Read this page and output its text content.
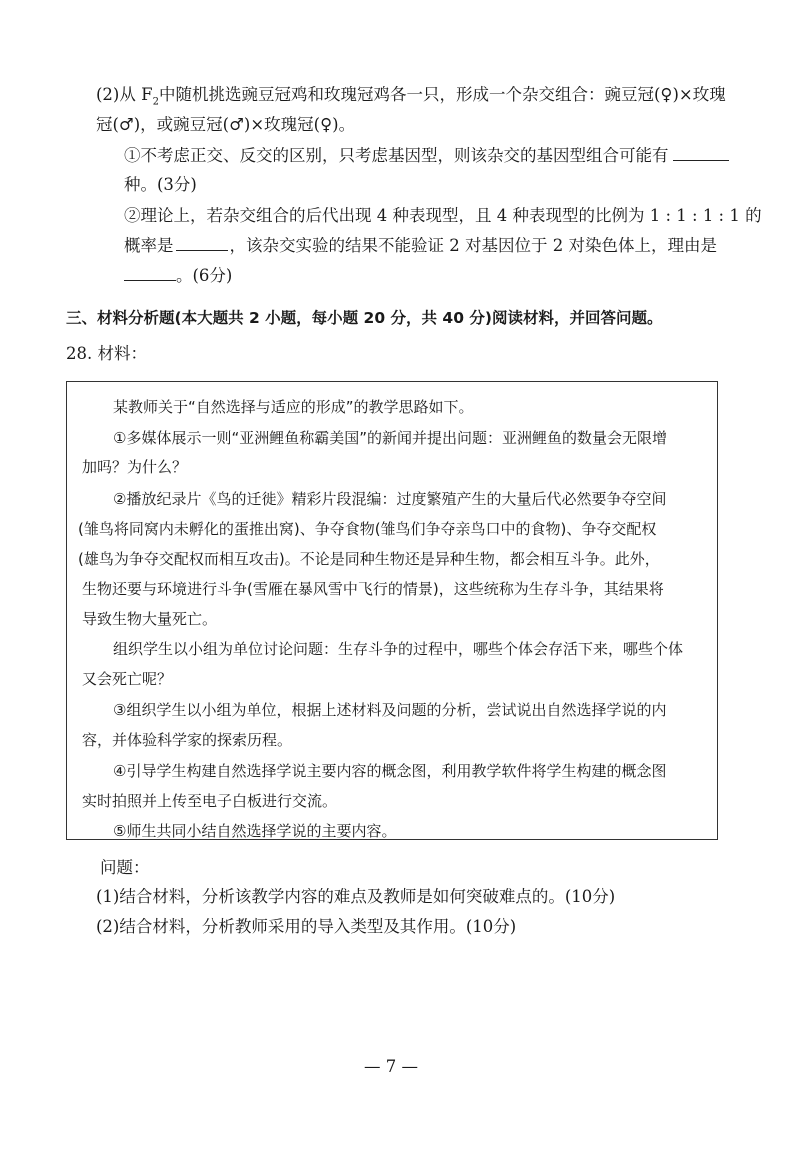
(2)从 $F_2$中随机挑选豌豆冠鸡和玫瑰冠鸡各一只，形成一个杂交组合：豌豆冠(♀)×玫瑰
冠(♂)，或豌豆冠(♂)×玫瑰冠(♀)。
①不考虑正交、反交的区别，只考虑基因型，则该杂交的基因型组合可能有
种。(3分)
②理论上，若杂交组合的后代出现 4 种表现型，且 4 种表现型的比例为 1 : 1 : 1 : 1 的
概率是	，该杂交实验的结果不能验证 2 对基因位于 2 对染色体上，理由是
。(6分)
三、材料分析题(本大题共 2 小题，每小题 20 分，共 40 分)阅读材料，并回答问题。
28. 材料：
某教师关于“自然选择与适应的形成”的教学思路如下。
①多媒体展示一则“亚洲鲤鱼称霸美国”的新闻并提出问题：亚洲鲤鱼的数量会无限增
加吗？为什么？
②播放纪录片《鸟的迁徙》精彩片段混编：过度繁殖产生的大量后代必然要争夺空间
(雏鸟将同窝内未孵化的蛋推出窝)、争夺食物(雏鸟们争夺亲鸟口中的食物)、争夺交配权
(雄鸟为争夺交配权而相互攻击)。不论是同种生物还是异种生物，都会相互斗争。此外，
生物还要与环境进行斗争(雪雁在暴风雪中飞行的情景)，这些统称为生存斗争，其结果将
导致生物大量死亡。
组织学生以小组为单位讨论问题：生存斗争的过程中，哪些个体会存活下来，哪些个体
又会死亡呢？
③组织学生以小组为单位，根据上述材料及问题的分析，尝试说出自然选择学说的内
容，并体验科学家的探索历程。
④引导学生构建自然选择学说主要内容的概念图，利用教学软件将学生构建的概念图
实时拍照并上传至电子白板进行交流。
⑤师生共同小结自然选择学说的主要内容。
问题：
(1)结合材料，分析该教学内容的难点及教师是如何突破难点的。(10分)
(2)结合材料，分析教师采用的导入类型及其作用。(10分)
— 7 —
